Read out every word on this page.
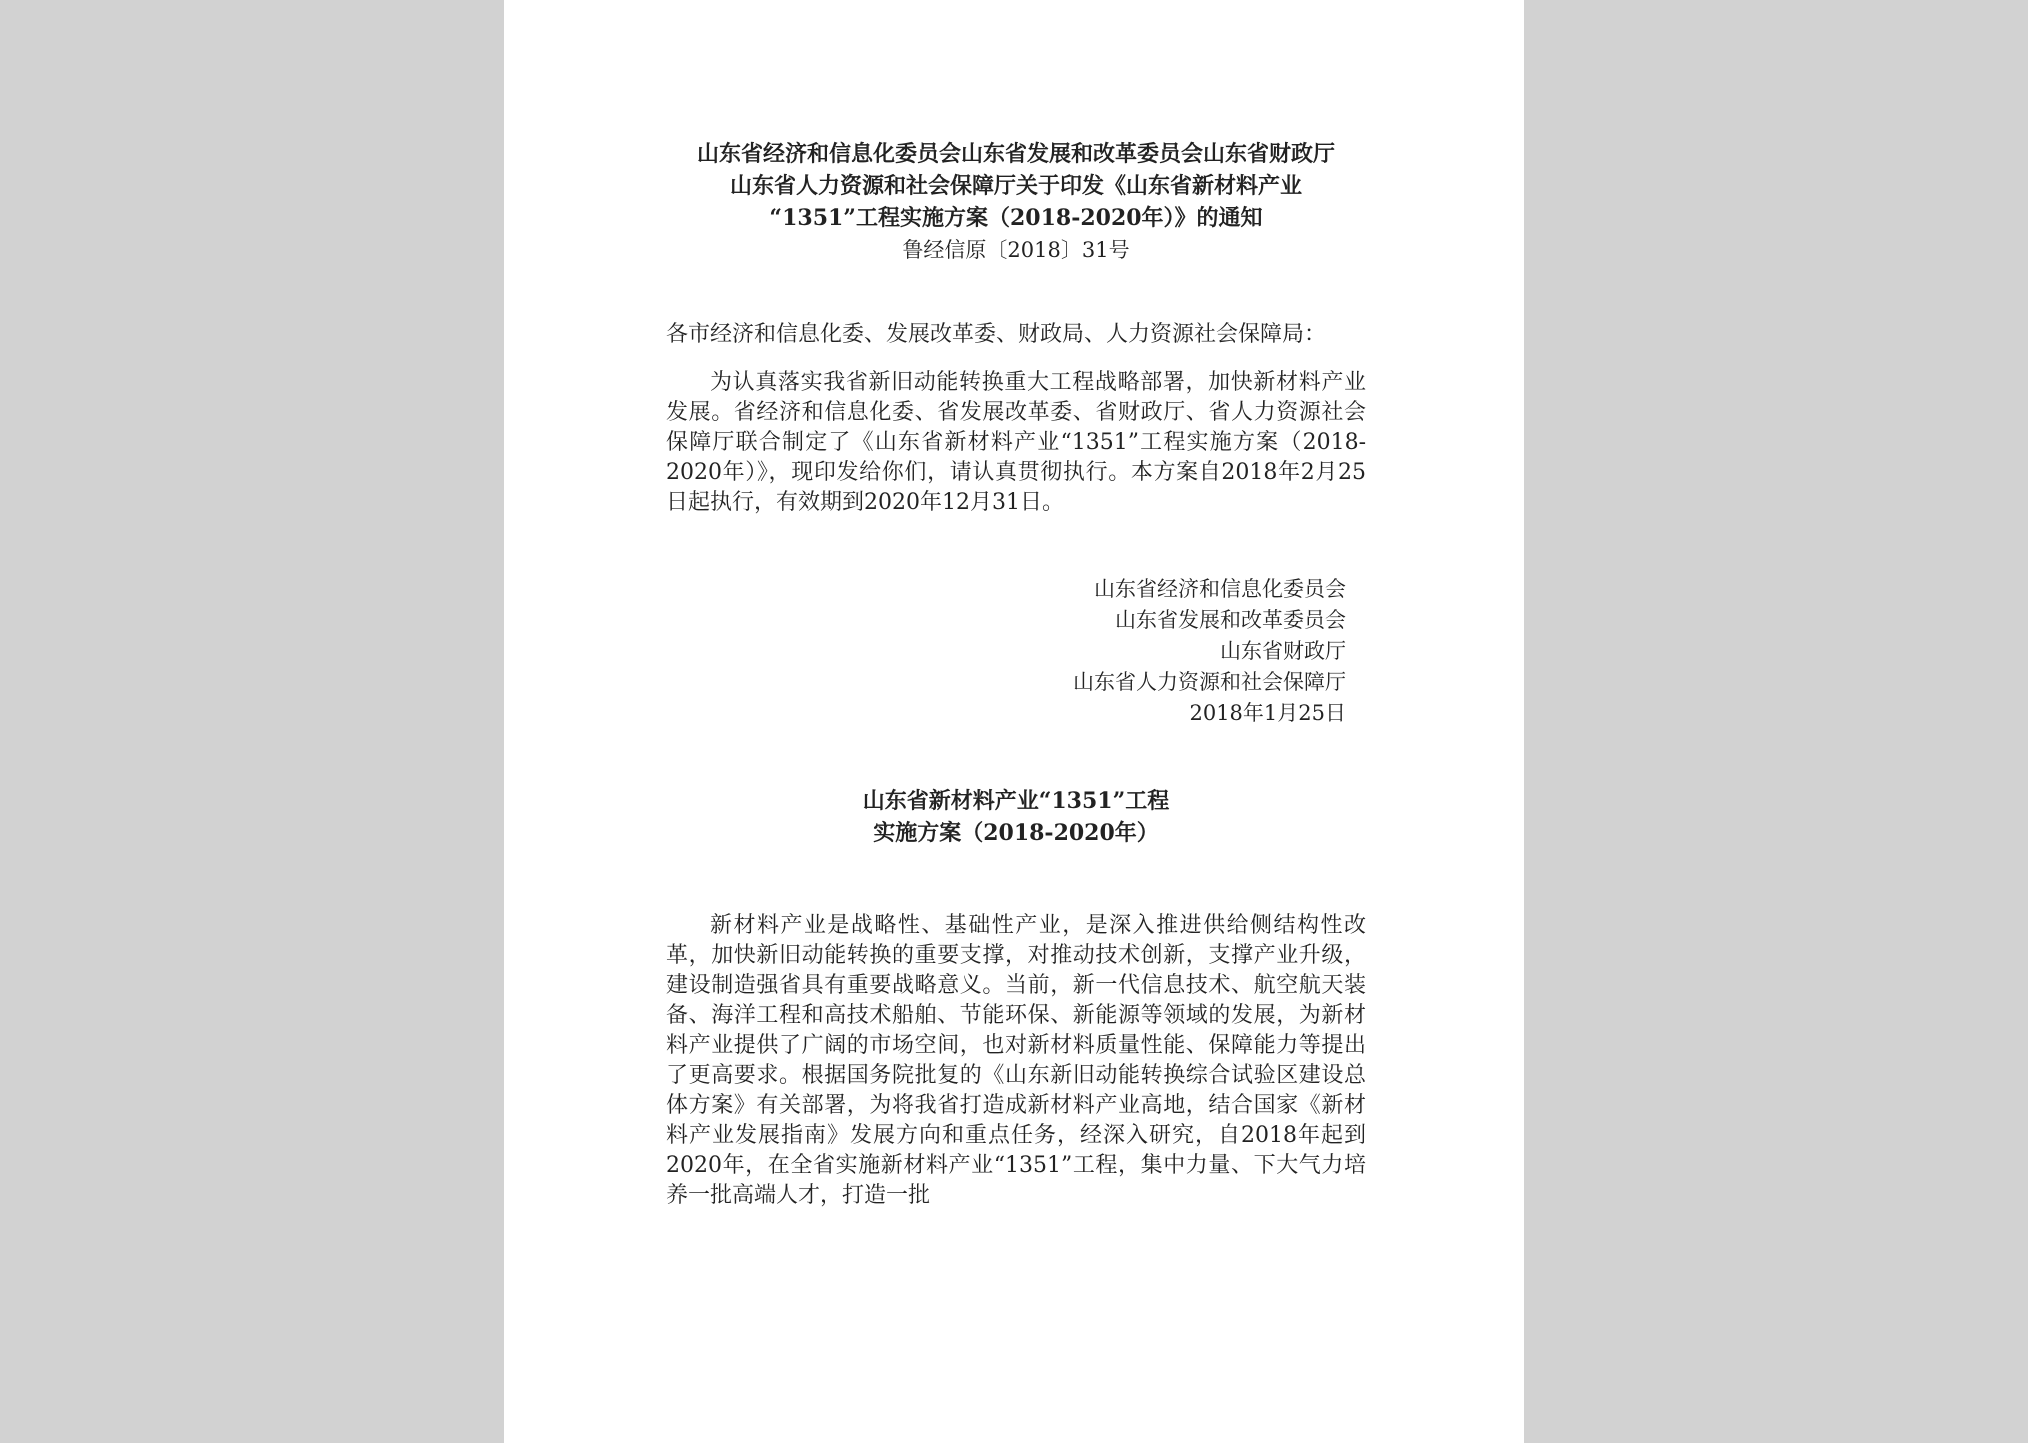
山东省经济和信息化委员会山东省发展和改革委员会山东省财政厅

山东省人力资源和社会保障厅关于印发《山东省新材料产业

“1351”工程实施方案（2018-2020年）》的通知

鲁经信原〔2018〕31号

各市经济和信息化委、发展改革委、财政局、人力资源社会保障局：

为认真落实我省新旧动能转换重大工程战略部署，加快新材料产业发展。省经济和信息化委、省发展改革委、省财政厅、省人力资源社会保障厅联合制定了《山东省新材料产业“1351”工程实施方案（2018-2020年）》，现印发给你们，请认真贯彻执行。本方案自2018年2月25日起执行，有效期到2020年12月31日。

山东省经济和信息化委员会
山东省发展和改革委员会
山东省财政厅
山东省人力资源和社会保障厅
2018年1月25日
山东省新材料产业“1351”工程
实施方案（2018-2020年）

新材料产业是战略性、基础性产业，是深入推进供给侧结构性改革，加快新旧动能转换的重要支撑，对推动技术创新，支撑产业升级，建设制造强省具有重要战略意义。当前，新一代信息技术、航空航天装备、海洋工程和高技术船舶、节能环保、新能源等领域的发展，为新材料产业提供了广阔的市场空间，也对新材料质量性能、保障能力等提出了更高要求。根据国务院批复的《山东新旧动能转换综合试验区建设总体方案》有关部署，为将我省打造成新材料产业高地，结合国家《新材料产业发展指南》发展方向和重点任务，经深入研究，自2018年起到2020年，在全省实施新材料产业“1351”工程，集中力量、下大气力培养一批高端人才，打造一批
